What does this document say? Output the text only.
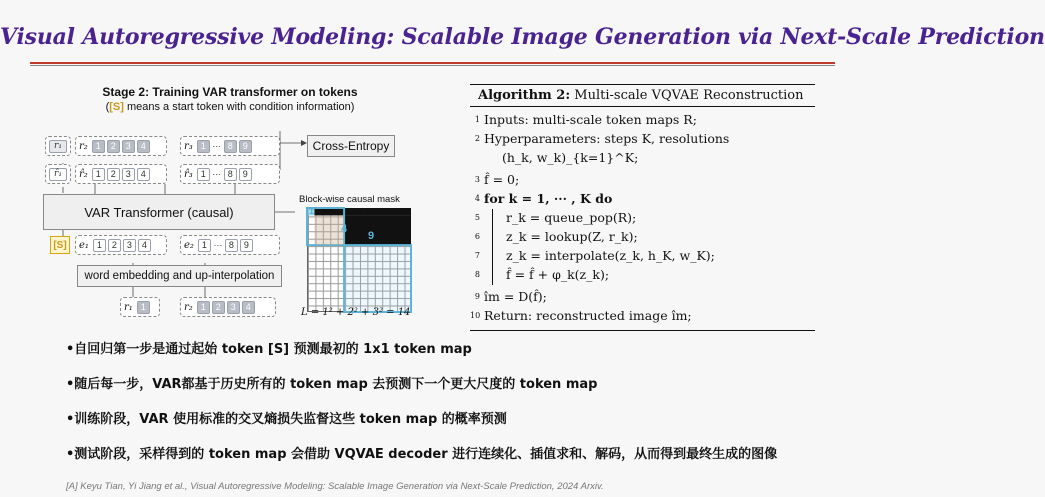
Visual Autoregressive Modeling: Scalable Image Generation via Next-Scale Prediction
Stage 2: Training VAR transformer on tokens
([S] means a start token with condition information)
r₁ r₂ 1	2	3	4	r₃ 1 ··· 8	9	Cross-Entropy
r̂₁ r̂₂ 1	2	3	4	r̂₃ 1 ··· 8	9
VAR Transformer (causal)
[S]	e₁ 1	2	3	4	e₂ 1 ··· 8	9
word embedding and up-interpolation
r₁ 1	r₂ 1	2	3	4
Block-wise causal mask
1
4
9
L = 1² + 2² + 3² = 14
Algorithm 2: Multi-scale VQVAE Reconstruction
1 Inputs: multi-scale token maps R;
2 Hyperparameters: steps K, resolutions
(h_k, w_k)_{k=1}^K;
3 f̂ = 0;
4 for k = 1, ··· , K do
5 r_k = queue_pop(R);
6 z_k = lookup(Z, r_k);
7 z_k = interpolate(z_k, h_K, w_K);
8 f̂ = f̂ + φ_k(z_k);
9 îm = D(f̂);
10 Return: reconstructed image îm;
•自回归第一步是通过起始 token [S] 预测最初的 1x1 token map
•随后每一步，VAR都基于历史所有的 token map 去预测下一个更大尺度的 token map
•训练阶段，VAR 使用标准的交叉熵损失监督这些 token map 的概率预测
•测试阶段，采样得到的 token map 会借助 VQVAE decoder 进行连续化、插值求和、解码，从而得到最终生成的图像
[A] Keyu Tian, Yi Jiang et al., Visual Autoregressive Modeling: Scalable Image Generation via Next-Scale Prediction, 2024 Arxiv.
